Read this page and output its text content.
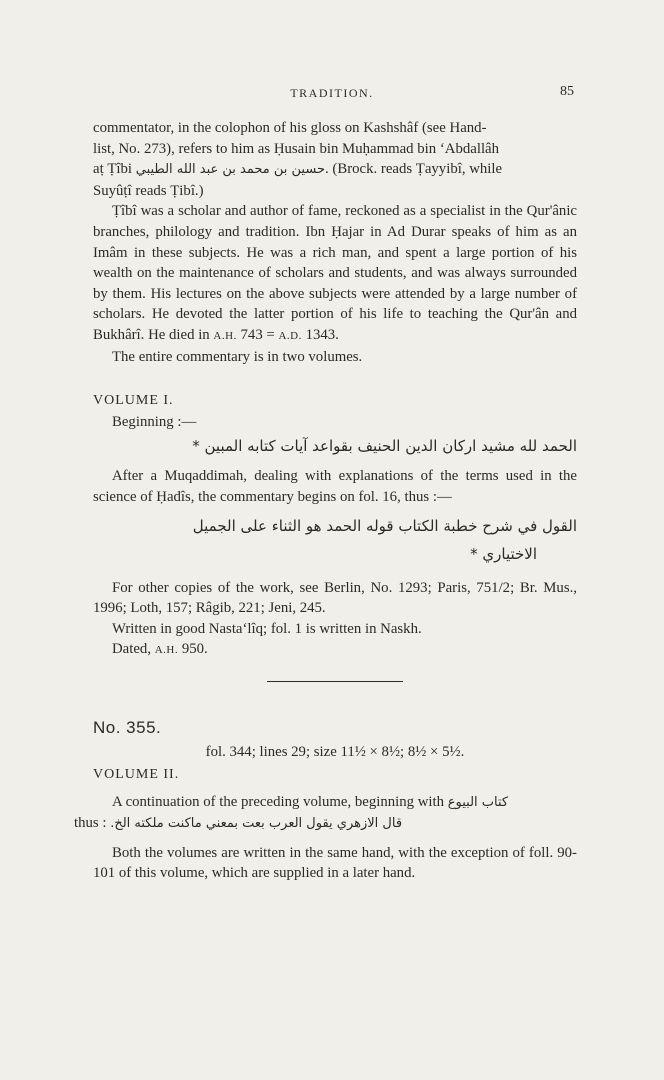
TRADITION.	85

commentator, in the colophon of his gloss on Kashshâf (see Hand-
list, No. 273), refers to him as Ḥusain bin Muḥammad bin ʻAbdallâh
aṭ Ṭîbi حسين بن محمد بن عبد الله الطيبي. (Brock. reads Ṭayyibî, while
Suyûṭî reads Ṭibî.)

Ṭîbî was a scholar and author of fame, reckoned as a specialist in the Qur'ânic branches, philology and tradition. Ibn Ḥajar in Ad Durar speaks of him as an Imâm in these subjects. He was a rich man, and spent a large portion of his wealth on the maintenance of scholars and students, and was always surrounded by them. His lectures on the above subjects were attended by a large number of scholars. He devoted the latter portion of his life to teaching the Qur'ân and Bukhârî. He died in A.H. 743 = A.D. 1343.

The entire commentary is in two volumes.

VOLUME I.

Beginning :—

الحمد لله مشيد اركان الدين الحنيف بقواعد آيات كتابه المبين *

After a Muqaddimah, dealing with explanations of the terms used in the science of Ḥadîs, the commentary begins on fol. 16, thus :—

القول في شرح خطبة الكتاب قوله الحمد هو الثناء على الجميل

الاختياري *

For other copies of the work, see Berlin, No. 1293; Paris, 751/2; Br. Mus., 1996; Loth, 157; Râgib, 221; Jeni, 245.

Written in good Nastaʻlîq; fol. 1 is written in Naskh.

Dated, A.H. 950.

No. 355.

fol. 344; lines 29; size 11½ × 8½; 8½ × 5½.

VOLUME II.

A continuation of the preceding volume, beginning with كتاب البيوع
thus : قال الازهري يقول العرب بعت بمعني ماكنت ملكته الخ.

Both the volumes are written in the same hand, with the exception of foll. 90-101 of this volume, which are supplied in a later hand.
